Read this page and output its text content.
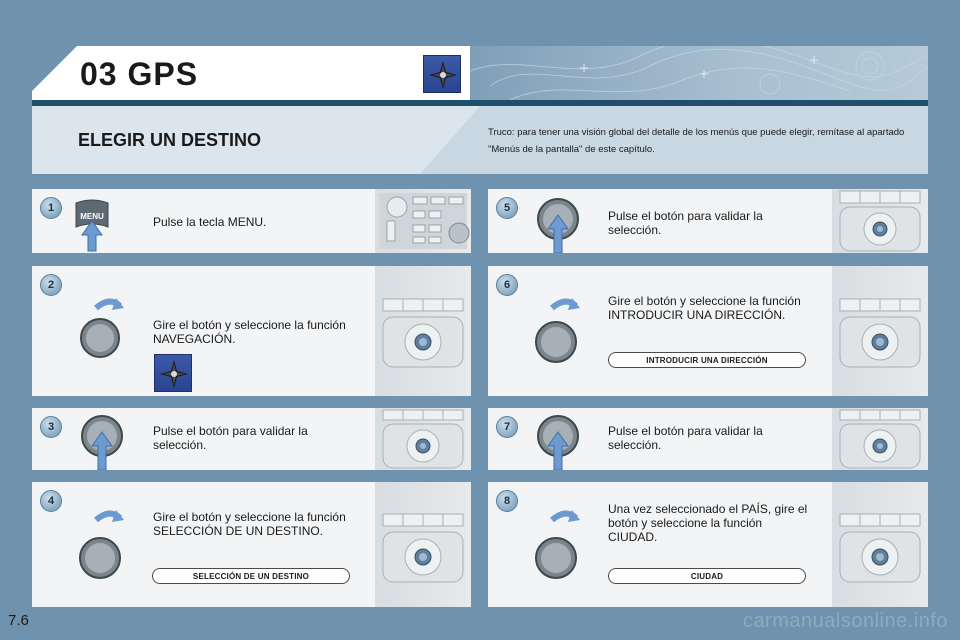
03 GPS
ELEGIR UN DESTINO	Truco: para tener una visión global del detalle de los menús que puede elegir, remítase al apartado "Menús de la pantalla" de este capítulo.
MENU	Pulse la tecla MENU.
1
Gire el botón y seleccione la función NAVEGACIÓN.
2
Pulse el botón para validar la selección.
3
Gire el botón y seleccione la función SELECCIÓN DE UN DESTINO.
SELECCIÓN DE UN DESTINO
4
Pulse el botón para validar la selección.
5
Gire el botón y seleccione la función INTRODUCIR UNA DIRECCIÓN.
INTRODUCIR UNA DIRECCIÓN
6
Pulse el botón para validar la selección.
7
Una vez seleccionado el PAÍS, gire el botón y seleccione la función CIUDAD.
CIUDAD
8
7.6	carmanualsonline.info
